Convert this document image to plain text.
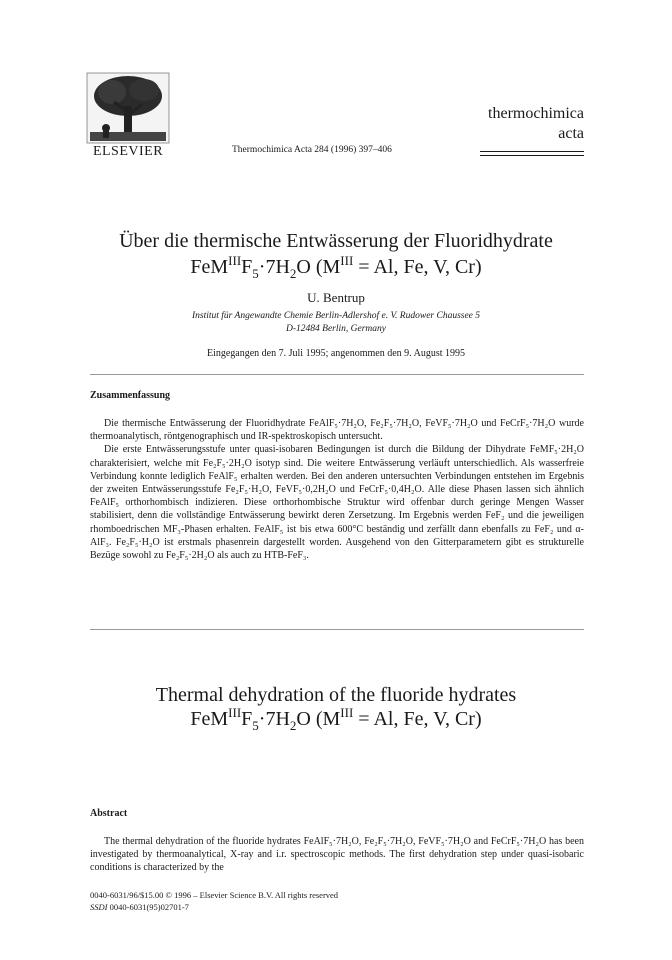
ELSEVIER	Thermochimica Acta 284 (1996) 397–406
thermochimica
acta
Über die thermische Entwässerung der Fluoridhydrate
$FeM^{III}F_5\cdot 7H_2O$ ($M^{III} = Al$, Fe, V, Cr)
U. Bentrup
Institut für Angewandte Chemie Berlin-Adlershof e. V. Rudower Chaussee 5
D-12484 Berlin, Germany
Eingegangen den 7. Juli 1995; angenommen den 9. August 1995
Zusammenfassung

Die thermische Entwässerung der Fluoridhydrate FeAlF₅·7H₂O, Fe₂F₅·7H₂O, FeVF₅·7H₂O und FeCrF₅·7H₂O wurde thermoanalytisch, röntgenographisch und IR-spektroskopisch untersucht.

Die erste Entwässerungsstufe unter quasi-isobaren Bedingungen ist durch die Bildung der Dihydrate FeMF₅·2H₂O charakterisiert, welche mit Fe₂F₅·2H₂O isotyp sind. Die weitere Entwässerung verläuft unterschiedlich. Als wasserfreie Verbindung konnte lediglich FeAlF₅ erhalten werden. Bei den anderen untersuchten Verbindungen entstehen im Ergebnis der zweiten Entwässerungsstufe Fe₂F₅·H₂O, FeVF₅·0,2H₂O und FeCrF₅·0,4H₂O. Alle diese Phasen lassen sich ähnlich FeAlF₅ orthorhombisch indizieren. Diese orthorhombische Struktur wird offenbar durch geringe Mengen Wasser stabilisiert, denn die vollständige Entwässerung bewirkt deren Zersetzung. Im Ergebnis werden FeF₂ und die jeweiligen rhomboedrischen MF₃-Phasen erhalten. FeAlF₅ ist bis etwa 600°C beständig und zerfällt dann ebenfalls zu FeF₂ und α-AlF₃. Fe₂F₅·H₂O ist erstmals phasenrein dargestellt worden. Ausgehend von den Gitterparametern gibt es strukturelle Bezüge sowohl zu Fe₂F₅·2H₂O als auch zu HTB-FeF₃.

Thermal dehydration of the fluoride hydrates
$FeM^{III}F_5\cdot 7H_2O$ ($M^{III} = Al$, Fe, V, Cr)
Abstract

The thermal dehydration of the fluoride hydrates FeAlF₅·7H₂O, Fe₂F₅·7H₂O, FeVF₅·7H₂O and FeCrF₅·7H₂O has been investigated by thermoanalytical, X-ray and i.r. spectroscopic methods. The first dehydration step under quasi-isobaric conditions is characterized by the

0040-6031/96/$15.00 © 1996 – Elsevier Science B.V. All rights reserved
SSDI 0040-6031(95)02701-7
